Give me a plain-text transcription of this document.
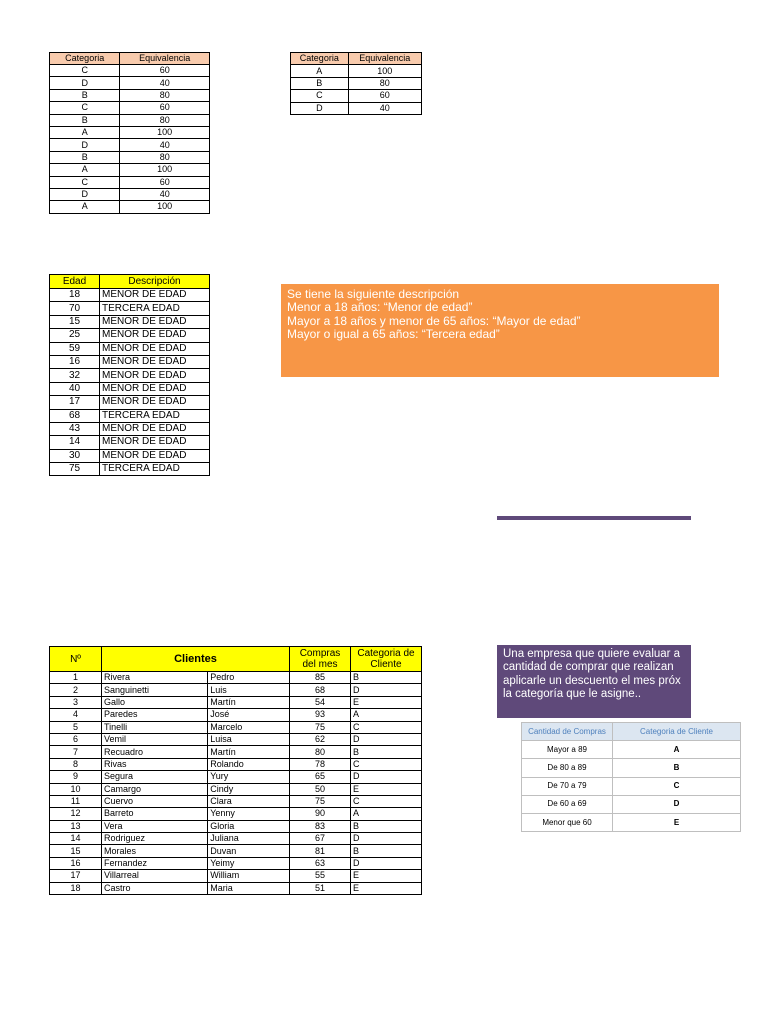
Categoria	Equivalencia
C	60
D	40
B	80
C	60
B	80
A	100
D	40
B	80
A	100
C	60
D	40
A	100
Categoria	Equivalencia
A	100
B	80
C	60
D	40
Edad	Descripción
18	MENOR DE EDAD
70	TERCERA EDAD
15	MENOR DE EDAD
25	MENOR DE EDAD
59	MENOR DE EDAD
16	MENOR DE EDAD
32	MENOR DE EDAD
40	MENOR DE EDAD
17	MENOR DE EDAD
68	TERCERA EDAD
43	MENOR DE EDAD
14	MENOR DE EDAD
30	MENOR DE EDAD
75	TERCERA EDAD
Se tiene la siguiente descripción
Menor a 18 años: “Menor de edad”
Mayor a 18 años y menor de 65 años: “Mayor de edad”
Mayor o igual a 65 años: “Tercera edad”
Nº	Clientes		Compras del mes	Categoria de Cliente
1	Rivera	Pedro	85	B
2	Sanguinetti	Luis	68	D
3	Gallo	Martín	54	E
4	Paredes	José	93	A
5	Tinelli	Marcelo	75	C
6	Vemil	Luisa	62	D
7	Recuadro	Martín	80	B
8	Rivas	Rolando	78	C
9	Segura	Yury	65	D
10	Camargo	Cindy	50	E
11	Cuervo	Clara	75	C
12	Barreto	Yenny	90	A
13	Vera	Gloria	83	B
14	Rodriguez	Juliana	67	D
15	Morales	Duvan	81	B
16	Fernandez	Yeimy	63	D
17	Villarreal	William	55	E
18	Castro	Maria	51	E
Una empresa que quiere evaluar a
cantidad de comprar que realizan
aplicarle un descuento el mes próx
la categoría que le asigne..
Cantidad de Compras	Categoria de Cliente
Mayor a 89	A
De 80 a 89	B
De 70 a 79	C
De 60 a 69	D
Menor que 60	E
